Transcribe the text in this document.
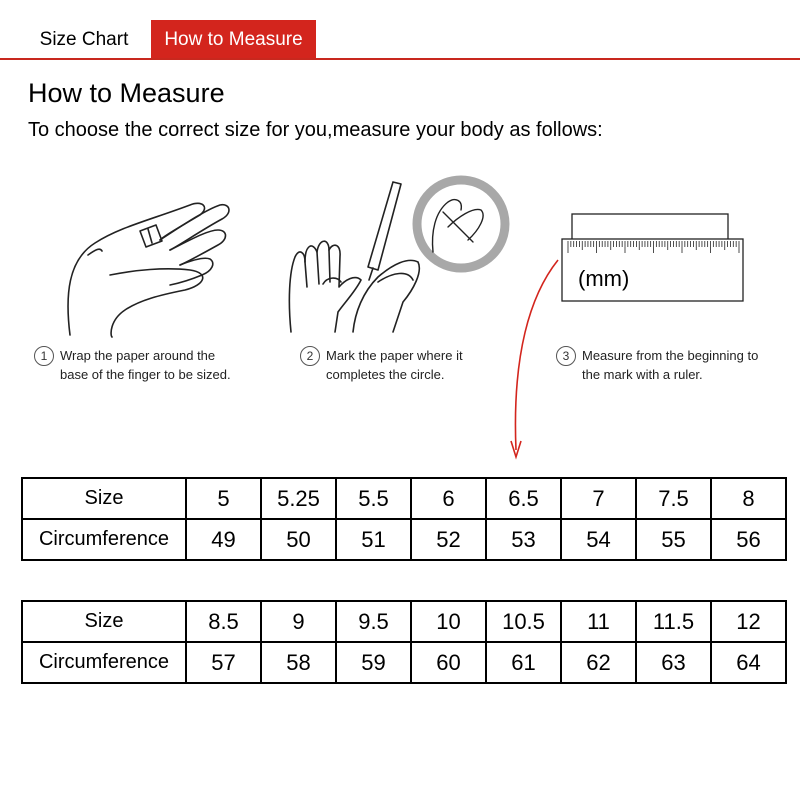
Size Chart	How to Measure
How to Measure

To choose the correct size for you,measure your body as follows:

(mm)
1 Wrap the paper around the
base of the finger to be sized.
2 Mark the paper where it
completes the circle.
3 Measure from the beginning to
the mark with a ruler.
Size	5	5.25	5.5	6	6.5	7	7.5	8
Circumference	49	50	51	52	53	54	55	56
Size	8.5	9	9.5	10	10.5	11	11.5	12
Circumference	57	58	59	60	61	62	63	64
